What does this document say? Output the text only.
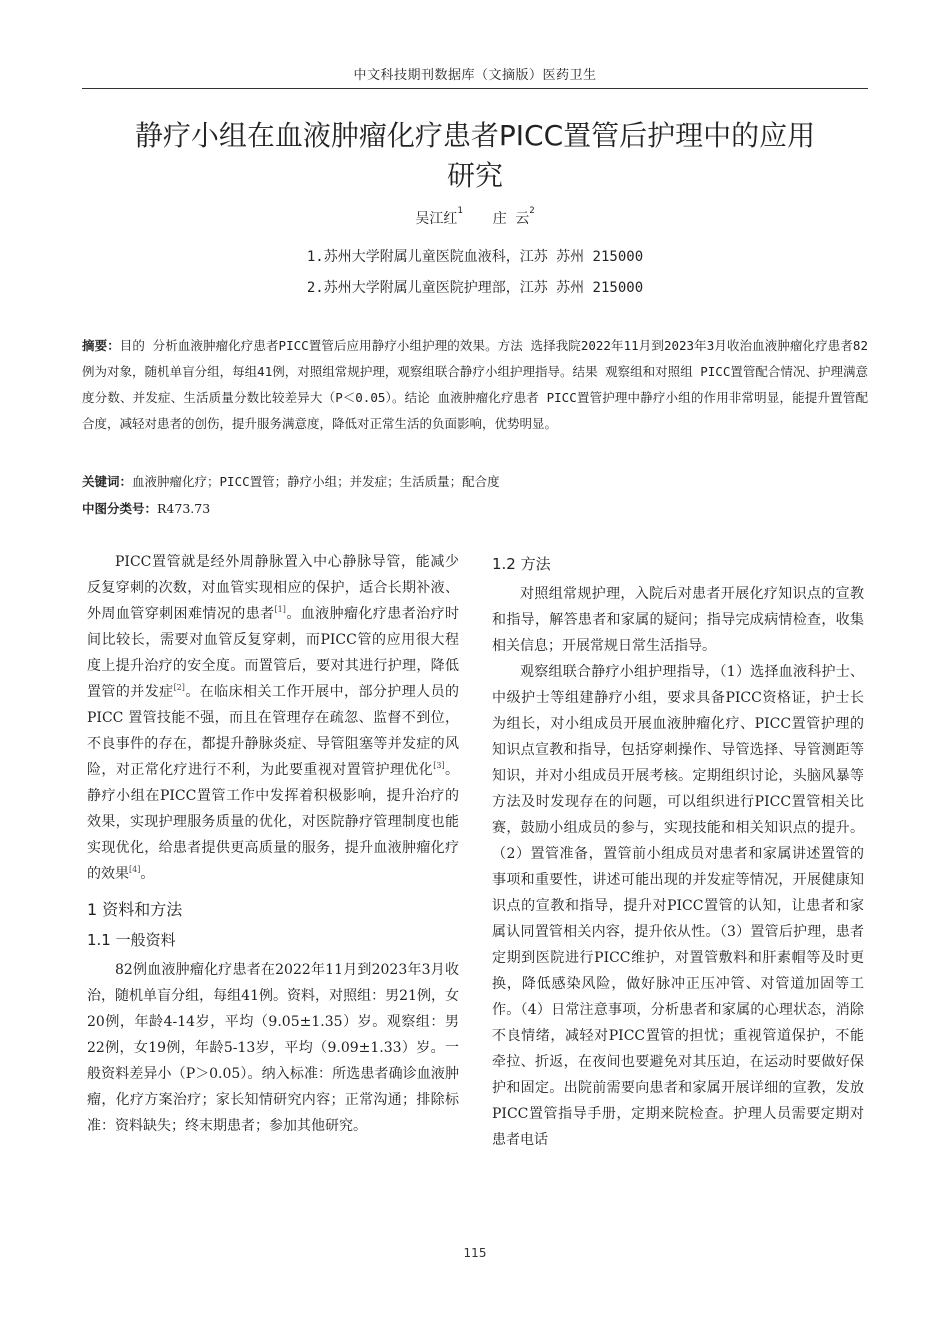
中文科技期刊数据库（文摘版）医药卫生
静疗小组在血液肿瘤化疗患者PICC置管后护理中的应用
研究
吴江红$^1$ 庄 云$^2$
1.苏州大学附属儿童医院血液科，江苏 苏州 215000
2.苏州大学附属儿童医院护理部，江苏 苏州 215000
摘要：目的 分析血液肿瘤化疗患者PICC置管后应用静疗小组护理的效果。方法 选择我院2022年11月到2023年3月收治血液肿瘤化疗患者82例为对象，随机单盲分组，每组41例，对照组常规护理，观察组联合静疗小组护理指导。结果 观察组和对照组 PICC置管配合情况、护理满意度分数、并发症、生活质量分数比较差异大（P＜0.05）。结论 血液肿瘤化疗患者 PICC置管护理中静疗小组的作用非常明显，能提升置管配合度，减轻对患者的创伤，提升服务满意度，降低对正常生活的负面影响，优势明显。
关键词：血液肿瘤化疗；PICC置管；静疗小组；并发症；生活质量；配合度
中图分类号：R473.73

PICC置管就是经外周静脉置入中心静脉导管，能减少反复穿刺的次数，对血管实现相应的保护，适合长期补液、外周血管穿刺困难情况的患者[1]。血液肿瘤化疗患者治疗时间比较长，需要对血管反复穿刺，而PICC管的应用很大程度上提升治疗的安全度。而置管后，要对其进行护理，降低置管的并发症[2]。在临床相关工作开展中，部分护理人员的 PICC 置管技能不强，而且在管理存在疏忽、监督不到位，不良事件的存在，都提升静脉炎症、导管阻塞等并发症的风险，对正常化疗进行不利，为此要重视对置管护理优化[3]。静疗小组在PICC置管工作中发挥着积极影响，提升治疗的效果，实现护理服务质量的优化，对医院静疗管理制度也能实现优化，给患者提供更高质量的服务，提升血液肿瘤化疗的效果[4]。

1 资料和方法
1.1 一般资料

82例血液肿瘤化疗患者在2022年11月到2023年3月收治，随机单盲分组，每组41例。资料，对照组：男21例，女20例，年龄4-14岁，平均（9.05±1.35）岁。观察组：男22例，女19例，年龄5-13岁，平均（9.09±1.33）岁。一般资料差异小（P＞0.05）。纳入标准：所选患者确诊血液肿瘤，化疗方案治疗；家长知情研究内容；正常沟通；排除标准：资料缺失；终末期患者；参加其他研究。

1.2 方法

对照组常规护理，入院后对患者开展化疗知识点的宣教和指导，解答患者和家属的疑问；指导完成病情检查，收集相关信息；开展常规日常生活指导。

观察组联合静疗小组护理指导，（1）选择血液科护士、中级护士等组建静疗小组，要求具备PICC资格证，护士长为组长，对小组成员开展血液肿瘤化疗、PICC置管护理的知识点宣教和指导，包括穿刺操作、导管选择、导管测距等知识，并对小组成员开展考核。定期组织讨论，头脑风暴等方法及时发现存在的问题，可以组织进行PICC置管相关比赛，鼓励小组成员的参与，实现技能和相关知识点的提升。（2）置管准备，置管前小组成员对患者和家属讲述置管的事项和重要性，讲述可能出现的并发症等情况，开展健康知识点的宣教和指导，提升对PICC置管的认知，让患者和家属认同置管相关内容，提升依从性。（3）置管后护理，患者定期到医院进行PICC维护，对置管敷料和肝素帽等及时更换，降低感染风险，做好脉冲正压冲管、对管道加固等工作。（4）日常注意事项，分析患者和家属的心理状态，消除不良情绪，减轻对PICC置管的担忧；重视管道保护，不能牵拉、折返，在夜间也要避免对其压迫，在运动时要做好保护和固定。出院前需要向患者和家属开展详细的宣教，发放PICC置管指导手册，定期来院检查。护理人员需要定期对患者电话

115
